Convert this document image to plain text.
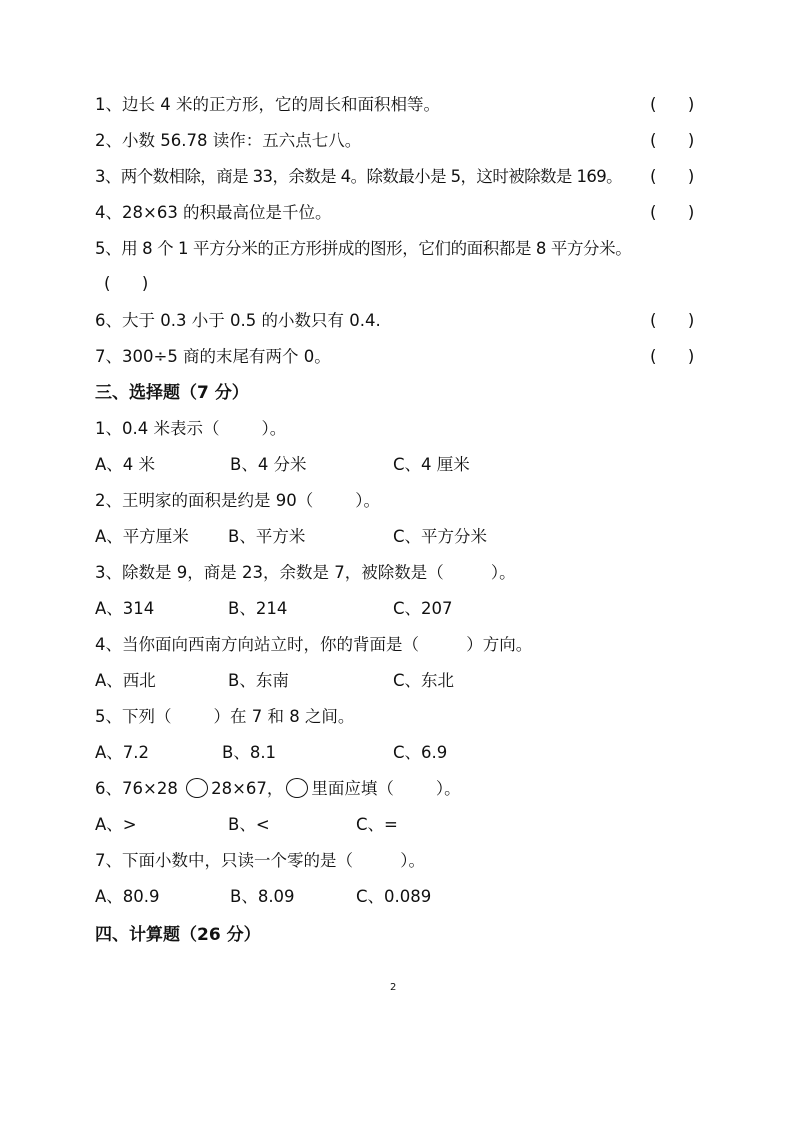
1、边长 4 米的正方形，它的周长和面积相等。	(      )
2、小数 56.78 读作：五六点七八。	(      )
3、两个数相除，商是 33，余数是 4。除数最小是 5，这时被除数是 169。 (      )
4、28×63 的积最高位是千位。	(      )
5、用 8 个 1 平方分米的正方形拼成的图形，它们的面积都是 8 平方分米。
(      )
6、大于 0.3 小于 0.5 的小数只有 0.4.	(      )
7、300÷5 商的末尾有两个 0。	(      )
三、选择题（7 分）
1、0.4 米表示（        ）。
A、4 米	B、4 分米	C、4 厘米
2、王明家的面积是约是 90（        ）。
A、平方厘米 B、平方米	C、平方分米
3、除数是 9，商是 23，余数是 7，被除数是（         ）。
A、314	B、214	C、207
4、当你面向西南方向站立时，你的背面是（         ）方向。
A、西北	B、东南	C、东北
5、下列（        ）在 7 和 8 之间。
A、7.2	B、8.1	C、6.9
6、76×28 28×67， 里面应填（        ）。
A、>	B、<	C、=
7、下面小数中，只读一个零的是（         ）。
A、80.9	B、8.09	C、0.089
四、计算题（26 分）
2
